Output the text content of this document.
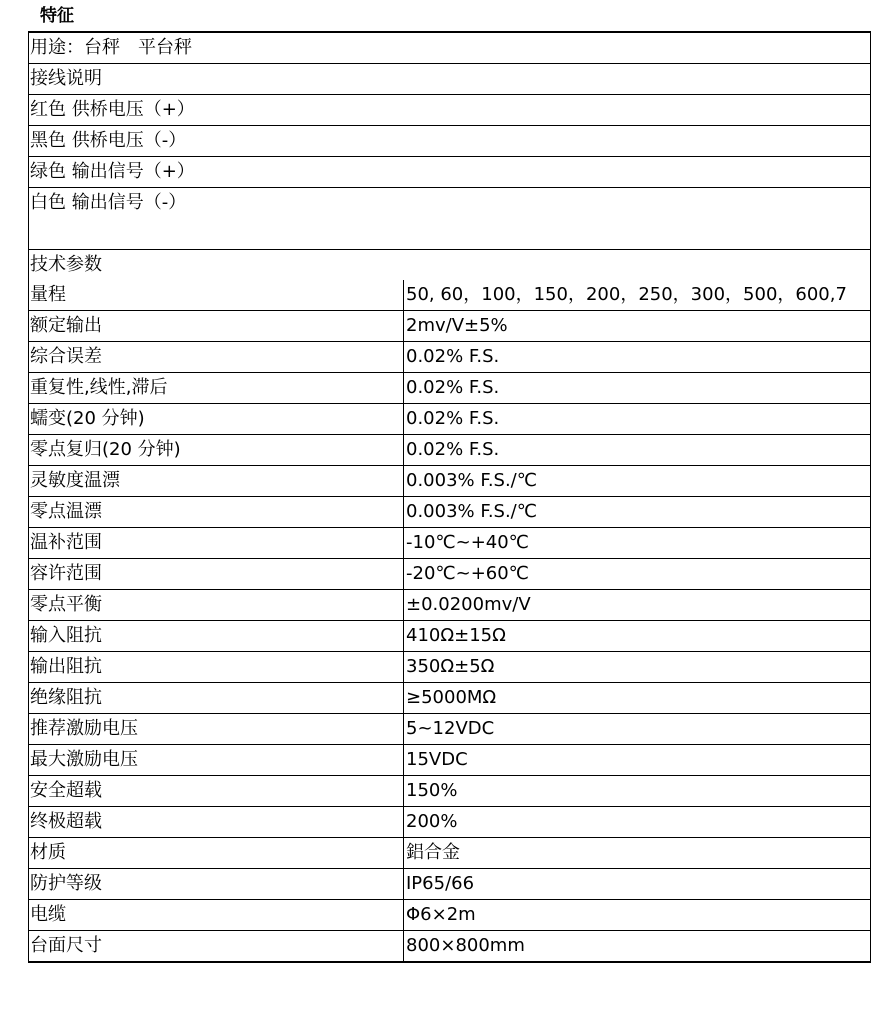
特征
用途：台秤　平台秤
接线说明
红色 供桥电压（+）
黑色 供桥电压（-）
绿色 输出信号（+）
白色 输出信号（-）
技术参数
量程	50, 60，100，150，200，250，300，500，600,7
额定输出	2mv/V±5%
综合误差	0.02% F.S.
重复性,线性,滞后	0.02% F.S.
蠕变(20 分钟)	0.02% F.S.
零点复归(20 分钟)	0.02% F.S.
灵敏度温漂	0.003% F.S./℃
零点温漂	0.003% F.S./℃
温补范围	-10℃~+40℃
容许范围	-20℃~+60℃
零点平衡	±0.0200mv/V
输入阻抗	410Ω±15Ω
输出阻抗	350Ω±5Ω
绝缘阻抗	≥5000MΩ
推荐激励电压	5~12VDC
最大激励电压	15VDC
安全超载	150%
终极超载	200%
材质	鋁合金
防护等级	IP65/66
电缆	Φ6×2m
台面尺寸	800×800mm
